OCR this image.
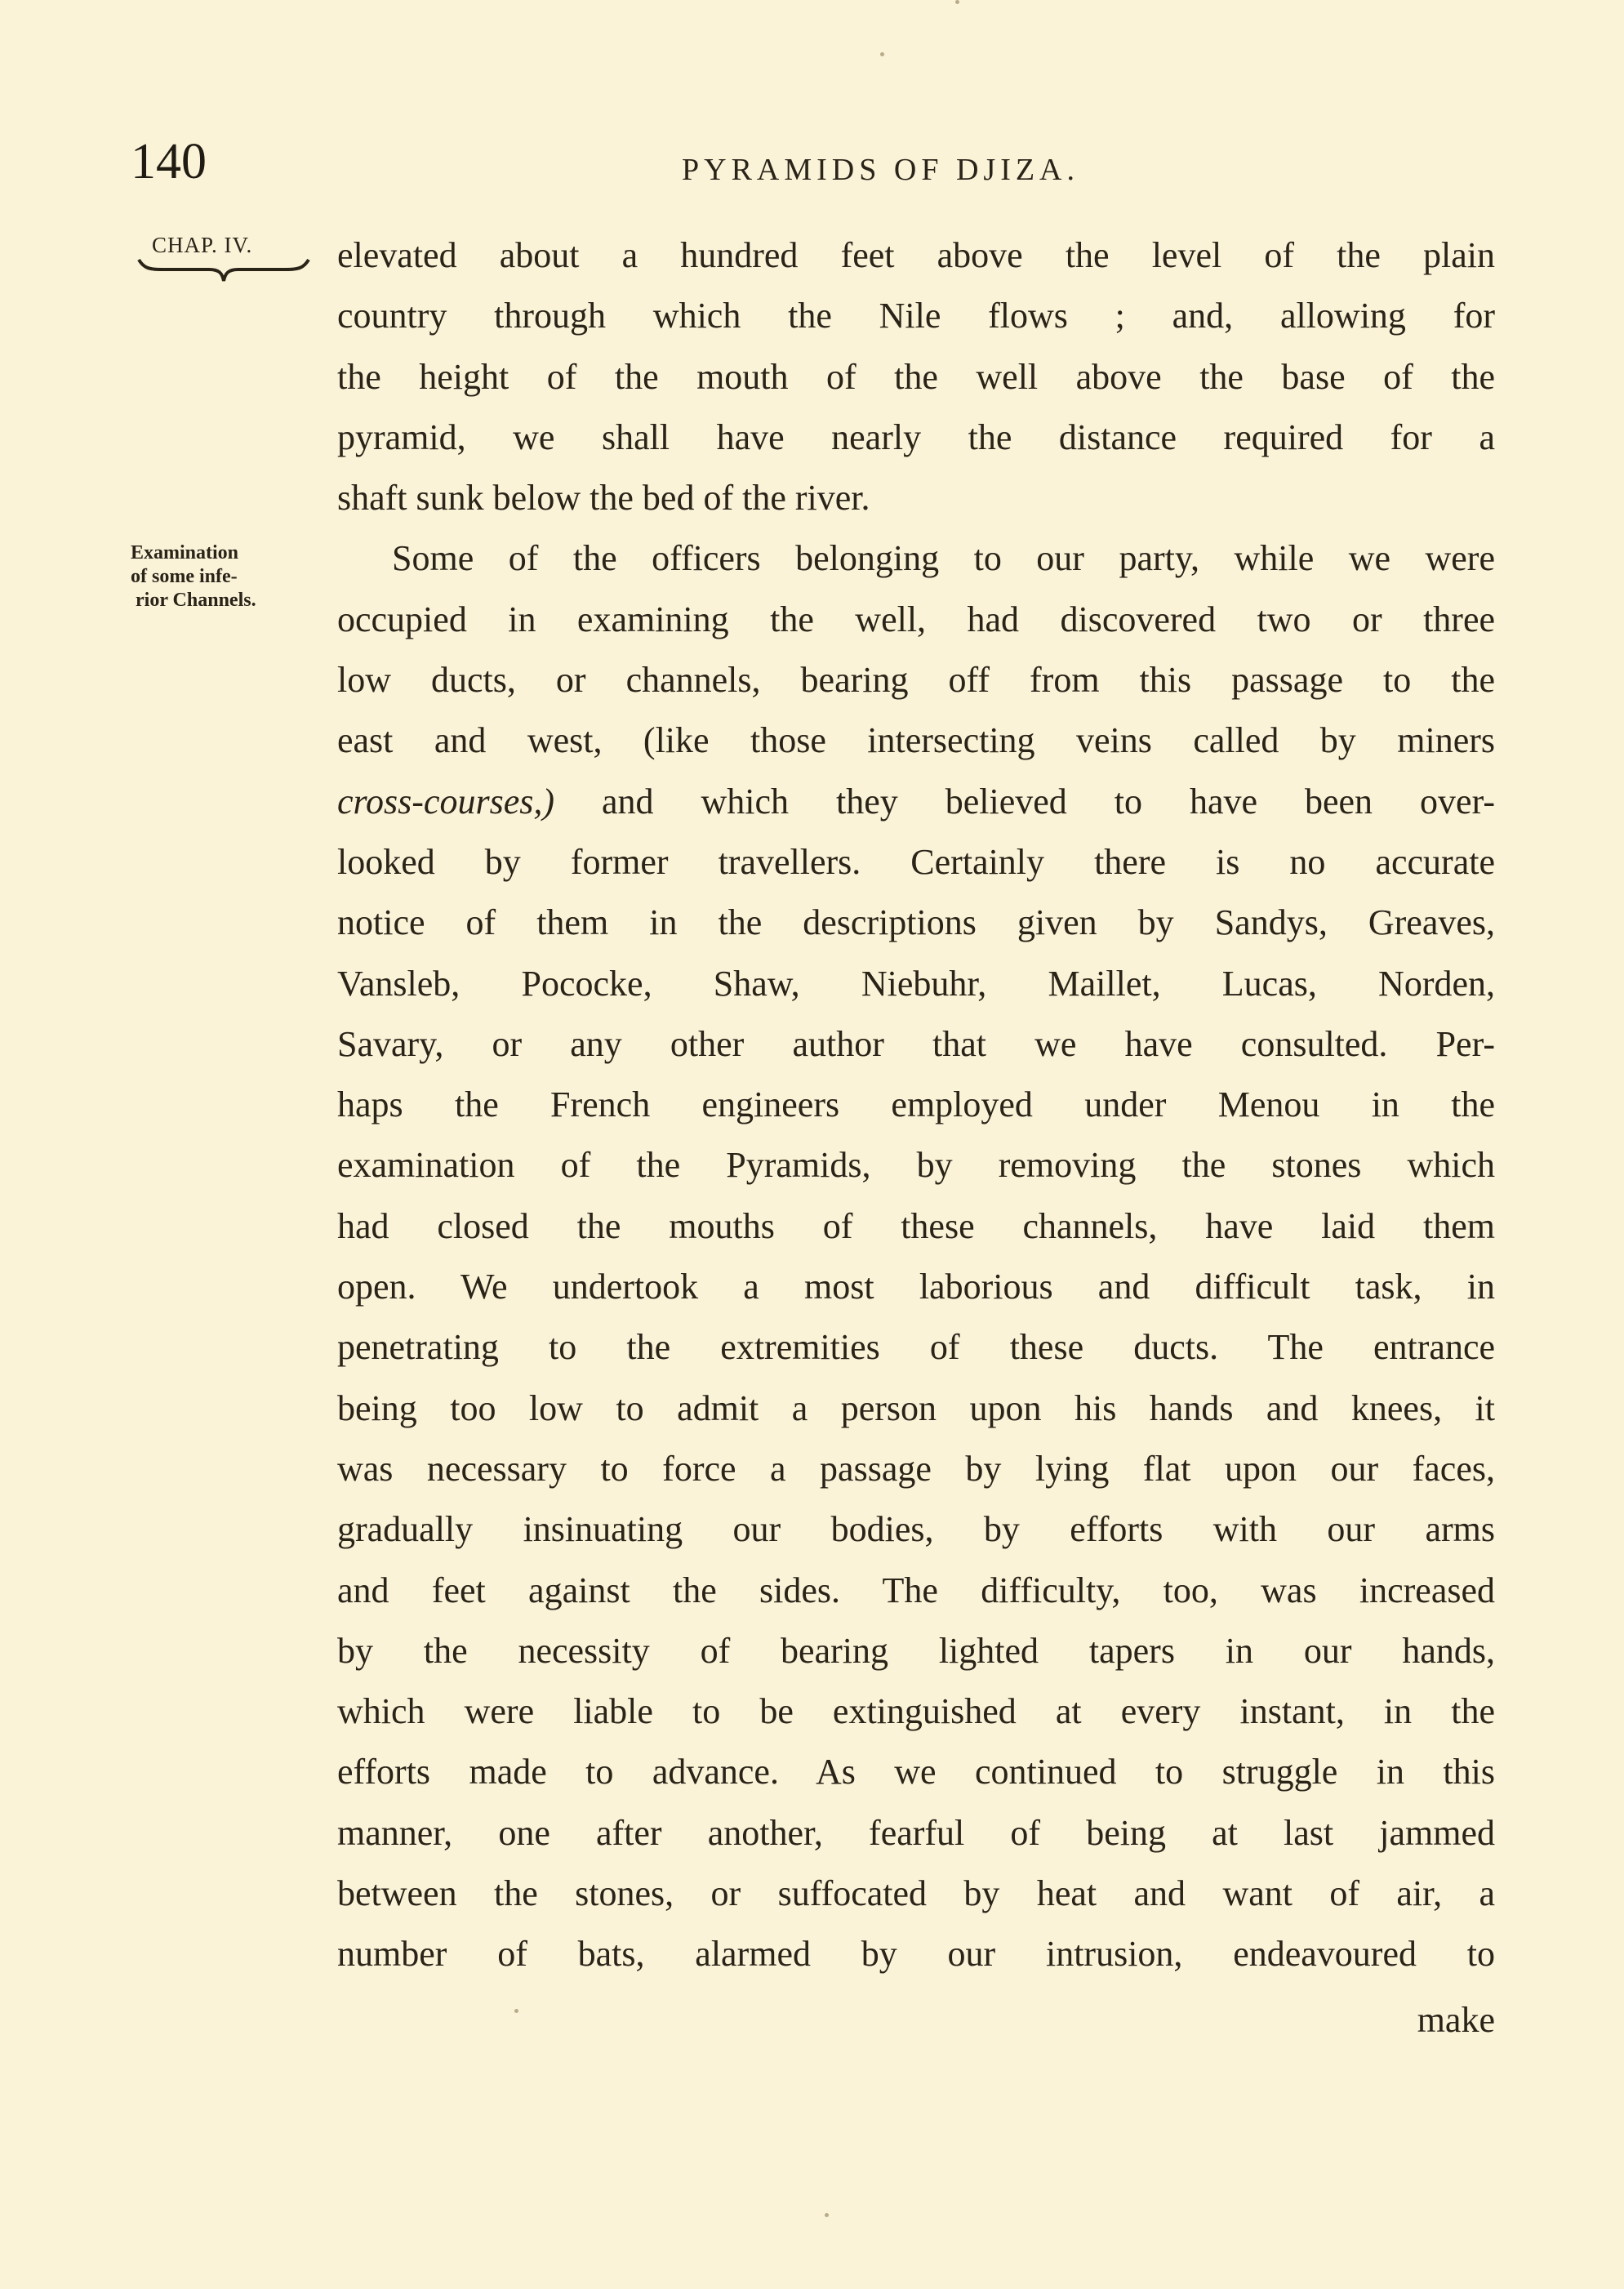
140	PYRAMIDS OF DJIZA.
CHAP. IV.
Examination
of some infe-
rior Channels.
elevated about a hundred feet above the level of the plain
country through which the Nile flows ; and, allowing for
the height of the mouth of the well above the base of the
pyramid, we shall have nearly the distance required for a
shaft sunk below the bed of the river.
Some of the officers belonging to our party, while we were
occupied in examining the well, had discovered two or three
low ducts, or channels, bearing off from this passage to the
east and west, (like those intersecting veins called by miners
cross-courses,) and which they believed to have been over-
looked by former travellers. Certainly there is no accurate
notice of them in the descriptions given by Sandys, Greaves,
Vansleb, Pococke, Shaw, Niebuhr, Maillet, Lucas, Norden,
Savary, or any other author that we have consulted. Per-
haps the French engineers employed under Menou in the
examination of the Pyramids, by removing the stones which
had closed the mouths of these channels, have laid them
open. We undertook a most laborious and difficult task, in
penetrating to the extremities of these ducts. The entrance
being too low to admit a person upon his hands and knees, it
was necessary to force a passage by lying flat upon our faces,
gradually insinuating our bodies, by efforts with our arms
and feet against the sides. The difficulty, too, was increased
by the necessity of bearing lighted tapers in our hands,
which were liable to be extinguished at every instant, in the
efforts made to advance. As we continued to struggle in this
manner, one after another, fearful of being at last jammed
between the stones, or suffocated by heat and want of air, a
number of bats, alarmed by our intrusion, endeavoured to
make
